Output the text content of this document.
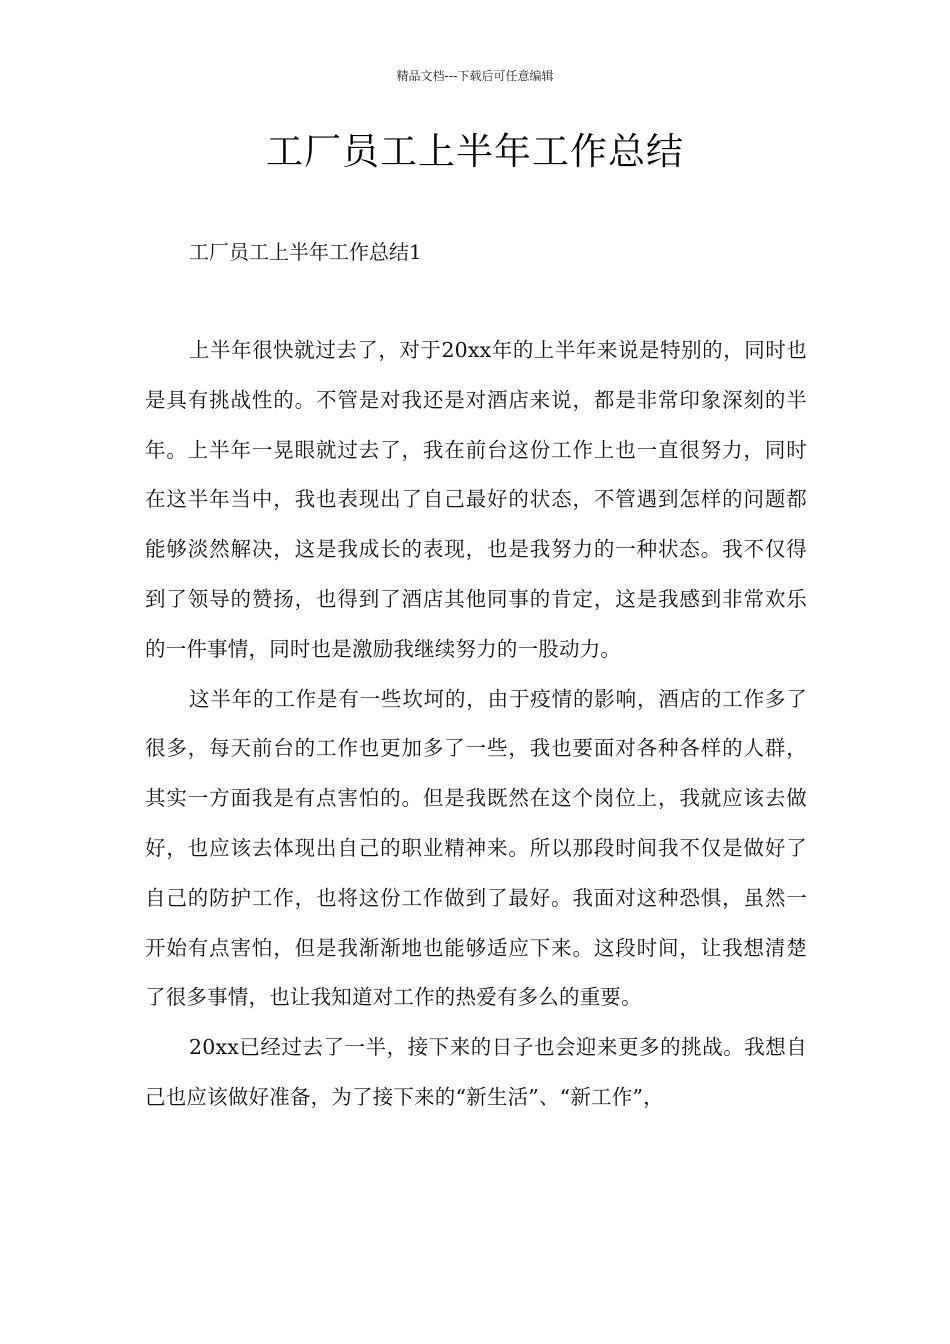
精品文档---下载后可任意编辑
工厂员工上半年工作总结
工厂员工上半年工作总结1

上半年很快就过去了，对于20xx年的上半年来说是特别的，同时也是具有挑战性的。不管是对我还是对酒店来说，都是非常印象深刻的半年。上半年一晃眼就过去了，我在前台这份工作上也一直很努力，同时在这半年当中，我也表现出了自己最好的状态，不管遇到怎样的问题都能够淡然解决，这是我成长的表现，也是我努力的一种状态。我不仅得到了领导的赞扬，也得到了酒店其他同事的肯定，这是我感到非常欢乐的一件事情，同时也是激励我继续努力的一股动力。

这半年的工作是有一些坎坷的，由于疫情的影响，酒店的工作多了很多，每天前台的工作也更加多了一些，我也要面对各种各样的人群，其实一方面我是有点害怕的。但是我既然在这个岗位上，我就应该去做好，也应该去体现出自己的职业精神来。所以那段时间我不仅是做好了自己的防护工作，也将这份工作做到了最好。我面对这种恐惧，虽然一开始有点害怕，但是我渐渐地也能够适应下来。这段时间，让我想清楚了很多事情，也让我知道对工作的热爱有多么的重要。

20xx已经过去了一半，接下来的日子也会迎来更多的挑战。我想自己也应该做好准备，为了接下来的“新生活”、“新工作”，
